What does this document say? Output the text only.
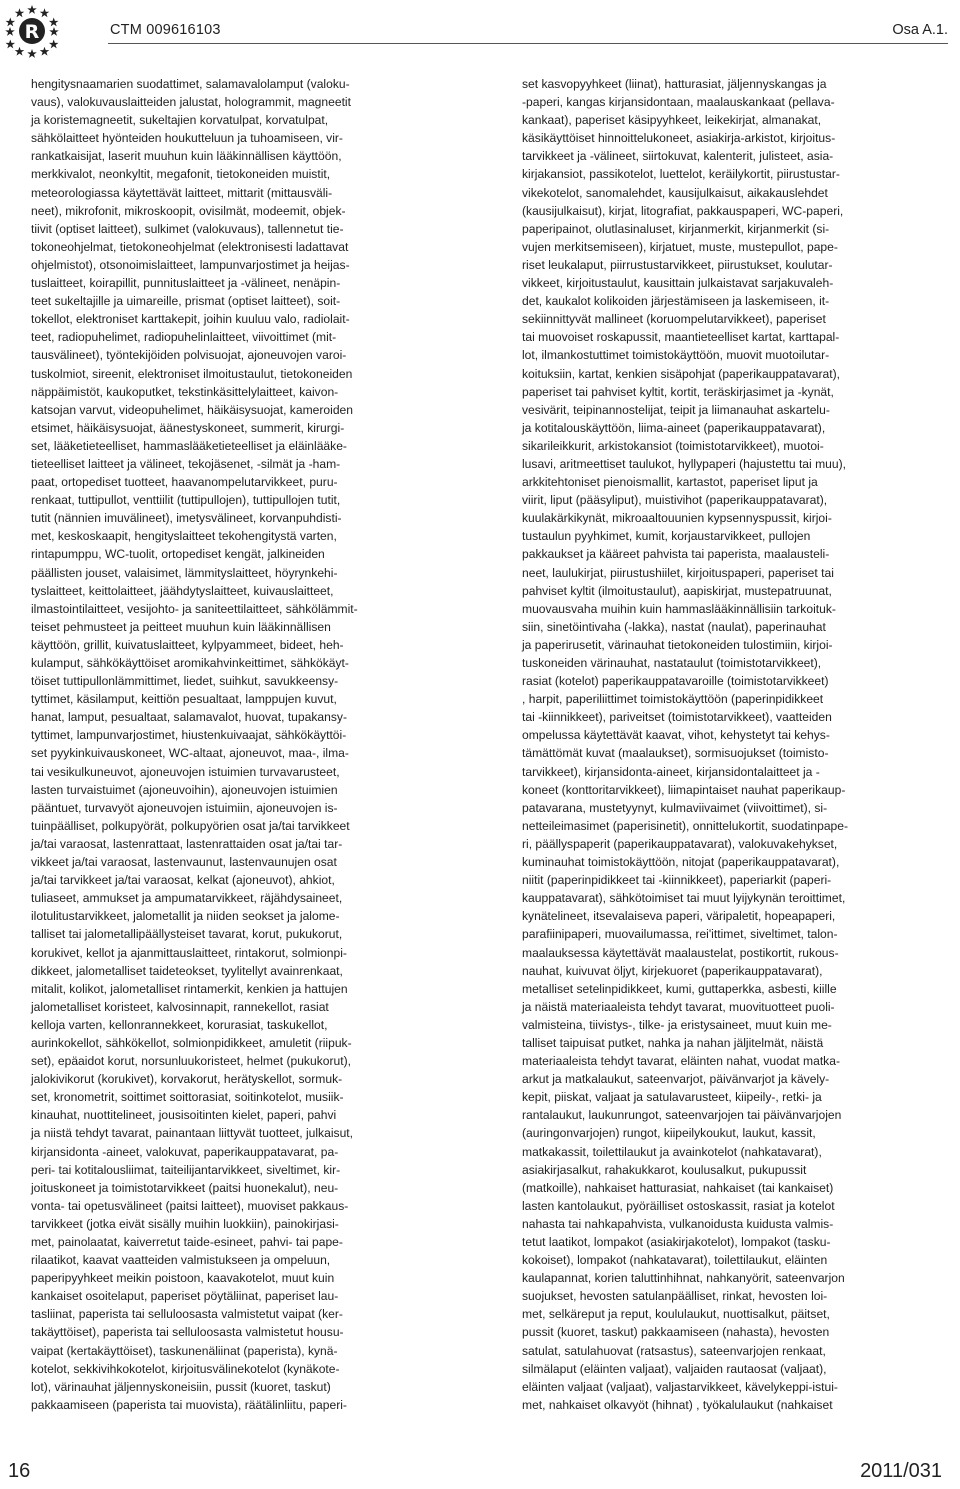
R	CTM 009616103	Osa A.1.
hengitysnaamarien suodattimet, salamavalolamput (valoku-
vaus), valokuvauslaitteiden jalustat, hologrammit, magneetit
ja koristemagneetit, sukeltajien korvatulpat, korvatulpat,
sähkölaitteet hyönteiden houkutteluun ja tuhoamiseen, vir-
rankatkaisijat, laserit muuhun kuin lääkinnällisen käyttöön,
merkkivalot, neonkyltit, megafonit, tietokoneiden muistit,
meteorologiassa käytettävät laitteet, mittarit (mittausväli-
neet), mikrofonit, mikroskoopit, ovisilmät, modeemit, objek-
tiivit (optiset laitteet), sulkimet (valokuvaus), tallennetut tie-
tokoneohjelmat, tietokoneohjelmat (elektronisesti ladattavat
ohjelmistot), otsonoimislaitteet, lampunvarjostimet ja heijas-
tuslaitteet, koirapillit, punnituslaitteet ja -välineet, nenäpin-
teet sukeltajille ja uimareille, prismat (optiset laitteet), soit-
tokellot, elektroniset karttakepit, joihin kuuluu valo, radiolait-
teet, radiopuhelimet, radiopuhelinlaitteet, viivoittimet (mit-
tausvälineet), työntekijöiden polvisuojat, ajoneuvojen varoi-
tuskolmiot, sireenit, elektroniset ilmoitustaulut, tietokoneiden
näppäimistöt, kaukoputket, tekstinkäsittelylaitteet, kaivon-
katsojan varvut, videopuhelimet, häikäisysuojat, kameroiden
etsimet, häikäisysuojat, äänestyskoneet, summerit, kirurgi-
set, lääketieteelliset, hammaslääketieteelliset ja eläinlääke-
tieteelliset laitteet ja välineet, tekojäsenet, -silmät ja -ham-
paat, ortopediset tuotteet, haavanompelutarvikkeet, puru-
renkaat, tuttipullot, venttiilit (tuttipullojen), tuttipullojen tutit,
tutit (nännien imuvälineet), imetysvälineet, korvanpuhdisti-
met, keskoskaapit, hengityslaitteet tekohengitystä varten,
rintapumppu, WC-tuolit, ortopediset kengät, jalkineiden
päällisten jouset, valaisimet, lämmityslaitteet, höyrynkehi-
tyslaitteet, keittolaitteet, jäähdytyslaitteet, kuivauslaitteet,
ilmastointilaitteet, vesijohto- ja saniteettilaitteet, sähkölämmit-
teiset pehmusteet ja peitteet muuhun kuin lääkinnällisen
käyttöön, grillit, kuivatuslaitteet, kylpyammeet, bideet, heh-
kulamput, sähkökäyttöiset aromikahvinkeittimet, sähkökäyt-
töiset tuttipullonlämmittimet, liedet, suihkut, savukkeensy-
tyttimet, käsilamput, keittiön pesualtaat, lamppujen kuvut,
hanat, lamput, pesualtaat, salamavalot, huovat, tupakansy-
tyttimet, lampunvarjostimet, hiustenkuivaajat, sähkökäyttöi-
set pyykinkuivauskoneet, WC-altaat, ajoneuvot, maa-, ilma-
tai vesikulkuneuvot, ajoneuvojen istuimien turvavarusteet,
lasten turvaistuimet (ajoneuvoihin), ajoneuvojen istuimien
pääntuet, turvavyöt ajoneuvojen istuimiin, ajoneuvojen is-
tuinpäälliset, polkupyörät, polkupyörien osat ja/tai tarvikkeet
ja/tai varaosat, lastenrattaat, lastenrattaiden osat ja/tai tar-
vikkeet ja/tai varaosat, lastenvaunut, lastenvaunujen osat
ja/tai tarvikkeet ja/tai varaosat, kelkat (ajoneuvot), ahkiot,
tuliaseet, ammukset ja ampumatarvikkeet, räjähdysaineet,
ilotulitustarvikkeet, jalometallit ja niiden seokset ja jalome-
talliset tai jalometallipäällysteiset tavarat, korut, pukukorut,
korukivet, kellot ja ajanmittauslaitteet, rintakorut, solmionpi-
dikkeet, jalometalliset taideteokset, tyylitellyt avainrenkaat,
mitalit, kolikot, jalometalliset rintamerkit, kenkien ja hattujen
jalometalliset koristeet, kalvosinnapit, rannekellot, rasiat
kelloja varten, kellonrannekkeet, korurasiat, taskukellot,
aurinkokellot, sähkökellot, solmionpidikkeet, amuletit (riipuk-
set), epäaidot korut, norsunluukoristeet, helmet (pukukorut),
jalokivikorut (korukivet), korvakorut, herätyskellot, sormuk-
set, kronometrit, soittimet soittorasiat, soitinkotelot, musiik-
kinauhat, nuottitelineet, jousisoitinten kielet, paperi, pahvi
ja niistä tehdyt tavarat, painantaan liittyvät tuotteet, julkaisut,
kirjansidonta -aineet, valokuvat, paperikauppatavarat, pa-
peri- tai kotitalousliimat, taiteilijantarvikkeet, siveltimet, kir-
joituskoneet ja toimistotarvikkeet (paitsi huonekalut), neu-
vonta- tai opetusvälineet (paitsi laitteet), muoviset pakkaus-
tarvikkeet (jotka eivät sisälly muihin luokkiin), painokirjasi-
met, painolaatat, kaiverretut taide-esineet, pahvi- tai pape-
rilaatikot, kaavat vaatteiden valmistukseen ja ompeluun,
paperipyyhkeet meikin poistoon, kaavakotelot, muut kuin
kankaiset osoitelaput, paperiset pöytäliinat, paperiset lau-
tasliinat, paperista tai selluloosasta valmistetut vaipat (ker-
takäyttöiset), paperista tai selluloosasta valmistetut housu-
vaipat (kertakäyttöiset), taskunenäliinat (paperista), kynä-
kotelot, sekkivihkokotelot, kirjoitusvälinekotelot (kynäkote-
lot), värinauhat jäljennyskoneisiin, pussit (kuoret, taskut)
pakkaamiseen (paperista tai muovista), räätälinliitu, paperi-
set kasvopyyhkeet (liinat), hatturasiat, jäljennyskangas ja
-paperi, kangas kirjansidontaan, maalauskankaat (pellava-
kankaat), paperiset käsipyyhkeet, leikekirjat, almanakat,
käsikäyttöiset hinnoittelukoneet, asiakirja-arkistot, kirjoitus-
tarvikkeet ja -välineet, siirtokuvat, kalenterit, julisteet, asia-
kirjakansiot, passikotelot, luettelot, keräilykortit, piirustustar-
vikekotelot, sanomalehdet, kausijulkaisut, aikakauslehdet
(kausijulkaisut), kirjat, litografiat, pakkauspaperi, WC-paperi,
paperipainot, olutlasinaluset, kirjanmerkit, kirjanmerkit (si-
vujen merkitsemiseen), kirjatuet, muste, mustepullot, pape-
riset leukalaput, piirrustustarvikkeet, piirustukset, koulutar-
vikkeet, kirjoitustaulut, kausittain julkaistavat sarjakuvaleh-
det, kaukalot kolikoiden järjestämiseen ja laskemiseen, it-
sekiinnittyvät mallineet (koruompelutarvikkeet), paperiset
tai muovoiset roskapussit, maantieteelliset kartat, karttapal-
lot, ilmankostuttimet toimistokäyttöön, muovit muotoilutar-
koituksiin, kartat, kenkien sisäpohjat (paperikauppatavarat),
paperiset tai pahviset kyltit, kortit, teräskirjasimet ja -kynät,
vesivärit, teipinannostelijat, teipit ja liimanauhat askartelu-
ja kotitalouskäyttöön, liima-aineet (paperikauppatavarat),
sikarileikkurit, arkistokansiot (toimistotarvikkeet), muotoi-
lusavi, aritmeettiset taulukot, hyllypaperi (hajustettu tai muu),
arkkitehtoniset pienoismallit, kartastot, paperiset liput ja
viirit, liput (pääsyliput), muistivihot (paperikauppatavarat),
kuulakärkikynät, mikroaaltouunien kypsennyspussit, kirjoi-
tustaulun pyyhkimet, kumit, korjaustarvikkeet, pullojen
pakkaukset ja kääreet pahvista tai paperista, maalausteli-
neet, laulukirjat, piirustushiilet, kirjoituspaperi, paperiset tai
pahviset kyltit (ilmoitustaulut), aapiskirjat, mustepatruunat,
muovausvaha muihin kuin hammaslääkinnällisiin tarkoituk-
siin, sinetöintivaha (-lakka), nastat (naulat), paperinauhat
ja paperirusetit, värinauhat tietokoneiden tulostimiin, kirjoi-
tuskoneiden värinauhat, nastataulut (toimistotarvikkeet),
rasiat (kotelot) paperikauppatavaroille (toimistotarvikkeet)
, harpit, paperiliittimet toimistokäyttöön (paperinpidikkeet
tai -kiinnikkeet), pariveitset (toimistotarvikkeet), vaatteiden
ompelussa käytettävät kaavat, vihot, kehystetyt tai kehys-
tämättömät kuvat (maalaukset), sormisuojukset (toimisto-
tarvikkeet), kirjansidonta-aineet, kirjansidontalaitteet ja -
koneet (konttoritarvikkeet), liimapintaiset nauhat paperikaup-
patavarana, mustetyynyt, kulmaviivaimet (viivoittimet), si-
netteileimasimet (paperisinetit), onnittelukortit, suodatinpape-
ri, päällyspaperit (paperikauppatavarat), valokuvakehykset,
kuminauhat toimistokäyttöön, nitojat (paperikauppatavarat),
niitit (paperinpidikkeet tai -kiinnikkeet), paperiarkit (paperi-
kauppatavarat), sähkötoimiset tai muut lyijykynän teroittimet,
kynätelineet, itsevalaiseva paperi, väripaletit, hopeapaperi,
parafiinipaperi, muovailumassa, rei'ittimet, siveltimet, talon-
maalauksessa käytettävät maalaustelat, postikortit, rukous-
nauhat, kuivuvat öljyt, kirjekuoret (paperikauppatavarat),
metalliset setelinpidikkeet, kumi, guttaperkka, asbesti, kiille
ja näistä materiaaleista tehdyt tavarat, muovituotteet puoli-
valmisteina, tiivistys-, tilke- ja eristysaineet, muut kuin me-
talliset taipuisat putket, nahka ja nahan jäljitelmät, näistä
materiaaleista tehdyt tavarat, eläinten nahat, vuodat matka-
arkut ja matkalaukut, sateenvarjot, päivänvarjot ja kävely-
kepit, piiskat, valjaat ja satulavarusteet, kiipeily-, retki- ja
rantalaukut, laukunrungot, sateenvarjojen tai päivänvarjojen
(auringonvarjojen) rungot, kiipeilykoukut, laukut, kassit,
matkakassit, toilettilaukut ja avainkotelot (nahkatavarat),
asiakirjasalkut, rahakukkarot, koulusalkut, pukupussit
(matkoille), nahkaiset hatturasiat, nahkaiset (tai kankaiset)
lasten kantolaukut, pyöräilliset ostoskassit, rasiat ja kotelot
nahasta tai nahkapahvista, vulkanoidusta kuidusta valmis-
tetut laatikot, lompakot (asiakirjakotelot), lompakot (tasku-
kokoiset), lompakot (nahkatavarat), toilettilaukut, eläinten
kaulapannat, korien taluttinhihnat, nahkanyörit, sateenvarjon
suojukset, hevosten satulanpäälliset, rinkat, hevosten loi-
met, selkäreput ja reput, koululaukut, nuottisalkut, päitset,
pussit (kuoret, taskut) pakkaamiseen (nahasta), hevosten
satulat, satulahuovat (ratsastus), sateenvarjojen renkaat,
silmälaput (eläinten valjaat), valjaiden rautaosat (valjaat),
eläinten valjaat (valjaat), valjastarvikkeet, kävelykeppi-istui-
met, nahkaiset olkavyöt (hihnat) , työkalulaukut (nahkaiset
16	2011/031
